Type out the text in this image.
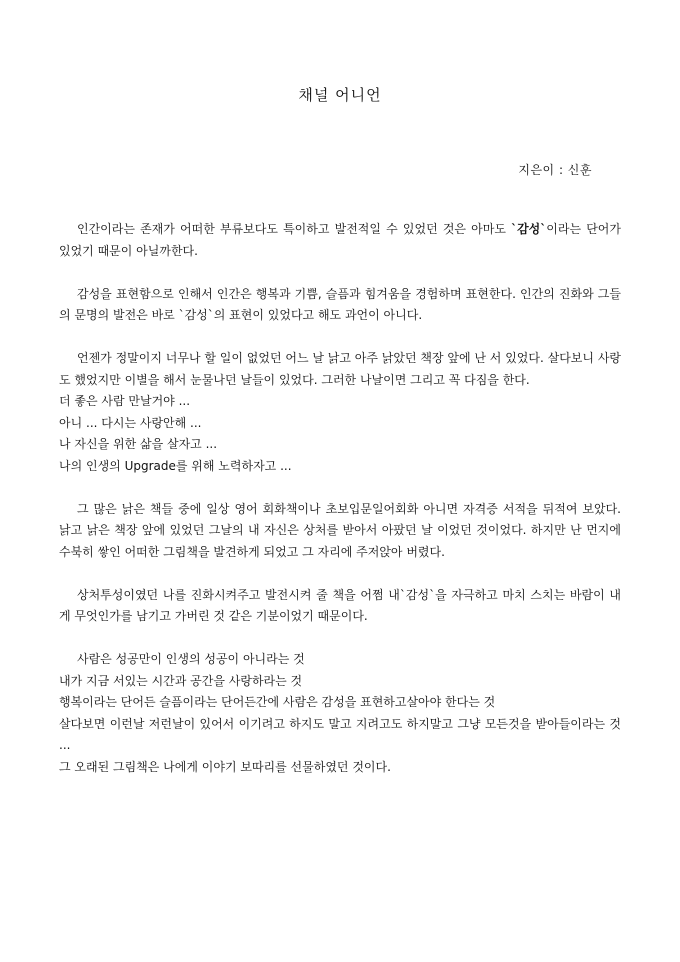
채널 어니언
지은이 : 신훈

인간이라는 존재가 어떠한 부류보다도 특이하고 발전적일 수 있었던 것은 아마도 `감성`이라는 단어가 있었기 때문이 아닐까한다.

감성을 표현함으로 인해서 인간은 행복과 기쁨, 슬픔과 힘겨움을 경험하며 표현한다. 인간의 진화와 그들의 문명의 발전은 바로 `감성`의 표현이 있었다고 해도 과언이 아니다.

언젠가 정말이지 너무나 할 일이 없었던 어느 날 낡고 아주 낡았던 책장 앞에 난 서 있었다. 살다보니 사랑도 했었지만 이별을 해서 눈물나던 날들이 있었다. 그러한 나날이면 그리고 꼭 다짐을 한다.
더 좋은 사람 만날거야 ...
아니 ... 다시는 사랑안해 ...
나 자신을 위한 삶을 살자고 ...
나의 인생의 Upgrade를 위해 노력하자고 ...

그 많은 낡은 책들 중에 일상 영어 회화책이나 초보입문일어회화 아니면 자격증 서적을 뒤적여 보았다. 낡고 낡은 책장 앞에 있었던 그날의 내 자신은 상처를 받아서 아팠던 날 이었던 것이었다. 하지만 난 먼지에 수북히 쌓인 어떠한 그림책을 발견하게 되었고 그 자리에 주저앉아 버렸다.

상처투성이였던 나를 진화시켜주고 발전시켜 줄 책을 어쩜 내`감성`을 자극하고 마치 스치는 바람이 내게 무엇인가를 남기고 가버린 것 같은 기분이었기 때문이다.

사람은 성공만이 인생의 성공이 아니라는 것
내가 지금 서있는 시간과 공간을 사랑하라는 것
행복이라는 단어든 슬픔이라는 단어든간에 사람은 감성을 표현하고살아야 한다는 것
살다보면 이런날 저런날이 있어서 이기려고 하지도 말고 지려고도 하지말고 그냥 모든것을 받아들이라는 것 ...
그 오래된 그림책은 나에게 이야기 보따리를 선물하였던 것이다.
